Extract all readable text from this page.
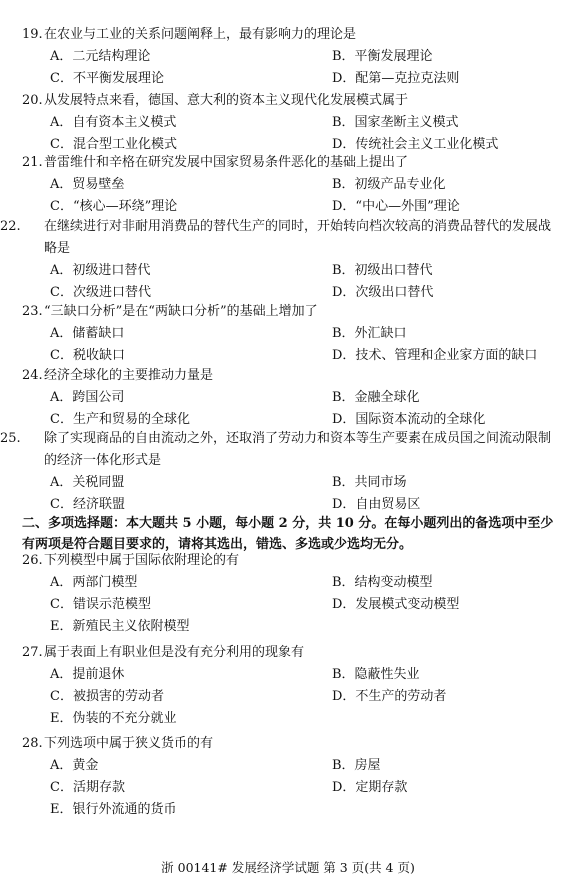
19.在农业与工业的关系问题阐释上，最有影响力的理论是
A．二元结构理论	B．平衡发展理论
C．不平衡发展理论	D．配第—克拉克法则
20.从发展特点来看，德国、意大利的资本主义现代化发展模式属于
A．自有资本主义模式	B．国家垄断主义模式
C．混合型工业化模式	D．传统社会主义工业化模式
21.普雷维什和辛格在研究发展中国家贸易条件恶化的基础上提出了
A．贸易壁垒	B．初级产品专业化
C．“核心—环绕”理论	D．“中心—外围”理论
22. 在继续进行对非耐用消费品的替代生产的同时，开始转向档次较高的消费品替代的发展战略是
A．初级进口替代	B．初级出口替代
C．次级进口替代	D．次级出口替代
23.“三缺口分析”是在“两缺口分析”的基础上增加了
A．储蓄缺口	B．外汇缺口
C．税收缺口	D．技术、管理和企业家方面的缺口
24.经济全球化的主要推动力量是
A．跨国公司	B．金融全球化
C．生产和贸易的全球化	D．国际资本流动的全球化
25. 除了实现商品的自由流动之外，还取消了劳动力和资本等生产要素在成员国之间流动限制的经济一体化形式是
A．关税同盟	B．共同市场
C．经济联盟	D．自由贸易区
二、多项选择题：本大题共 5 小题，每小题 2 分，共 10 分。在每小题列出的备选项中至少有两项是符合题目要求的，请将其选出，错选、多选或少选均无分。
26.下列模型中属于国际依附理论的有
A．两部门模型	B．结构变动模型
C．错误示范模型	D．发展模式变动模型
E．新殖民主义依附模型
27.属于表面上有职业但是没有充分利用的现象有
A．提前退休	B．隐蔽性失业
C．被损害的劳动者	D．不生产的劳动者
E．伪装的不充分就业
28.下列选项中属于狭义货币的有
A．黄金	B．房屋
C．活期存款	D．定期存款
E．银行外流通的货币
浙 00141# 发展经济学试题 第 3 页(共 4 页)
